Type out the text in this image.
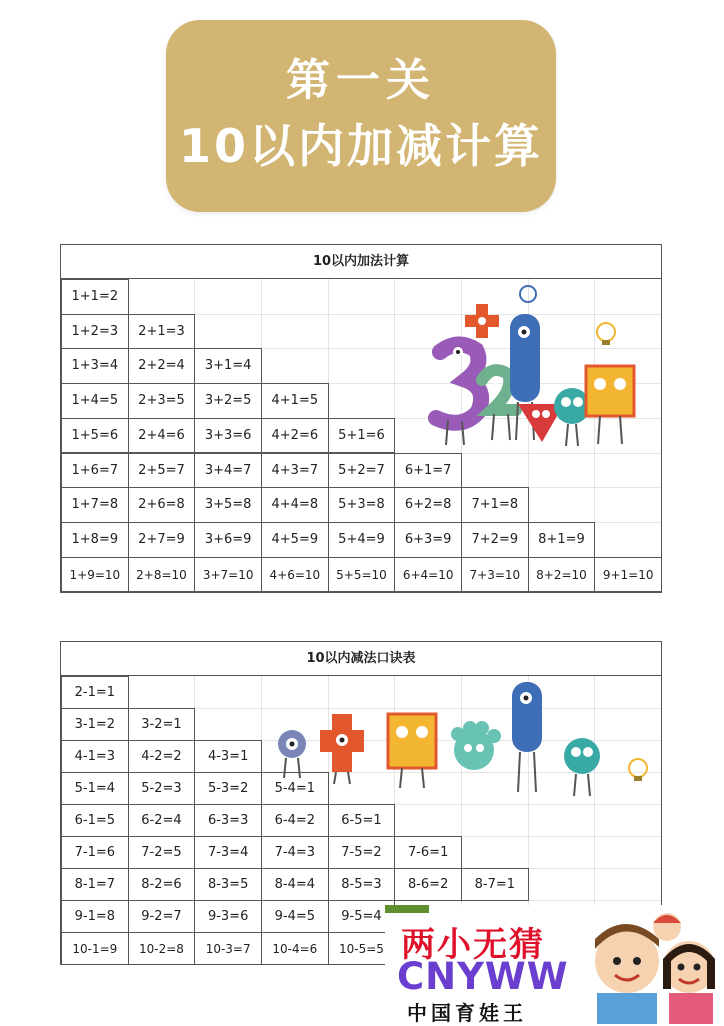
第一关
10以内加减计算
10以内加法计算
1+1=2
1+2=3	2+1=3
1+3=4	2+2=4	3+1=4
1+4=5	2+3=5	3+2=5	4+1=5
1+5=6	2+4=6	3+3=6	4+2=6	5+1=6
1+6=7	2+5=7	3+4=7	4+3=7	5+2=7	6+1=7
1+7=8	2+6=8	3+5=8	4+4=8	5+3=8	6+2=8	7+1=8
1+8=9	2+7=9	3+6=9	4+5=9	5+4=9	6+3=9	7+2=9	8+1=9
1+9=10	2+8=10	3+7=10	4+6=10	5+5=10	6+4=10	7+3=10	8+2=10	9+1=10
10以内减法口诀表
2-1=1
3-1=2	3-2=1
4-1=3	4-2=2	4-3=1
5-1=4	5-2=3	5-3=2	5-4=1
6-1=5	6-2=4	6-3=3	6-4=2	6-5=1
7-1=6	7-2=5	7-3=4	7-4=3	7-5=2	7-6=1
8-1=7	8-2=6	8-3=5	8-4=4	8-5=3	8-6=2	8-7=1
9-1=8	9-2=7	9-3=6	9-4=5	9-5=4
10-1=9	10-2=8	10-3=7	10-4=6	10-5=5 两小无猜
CNYWW
中国育娃王
